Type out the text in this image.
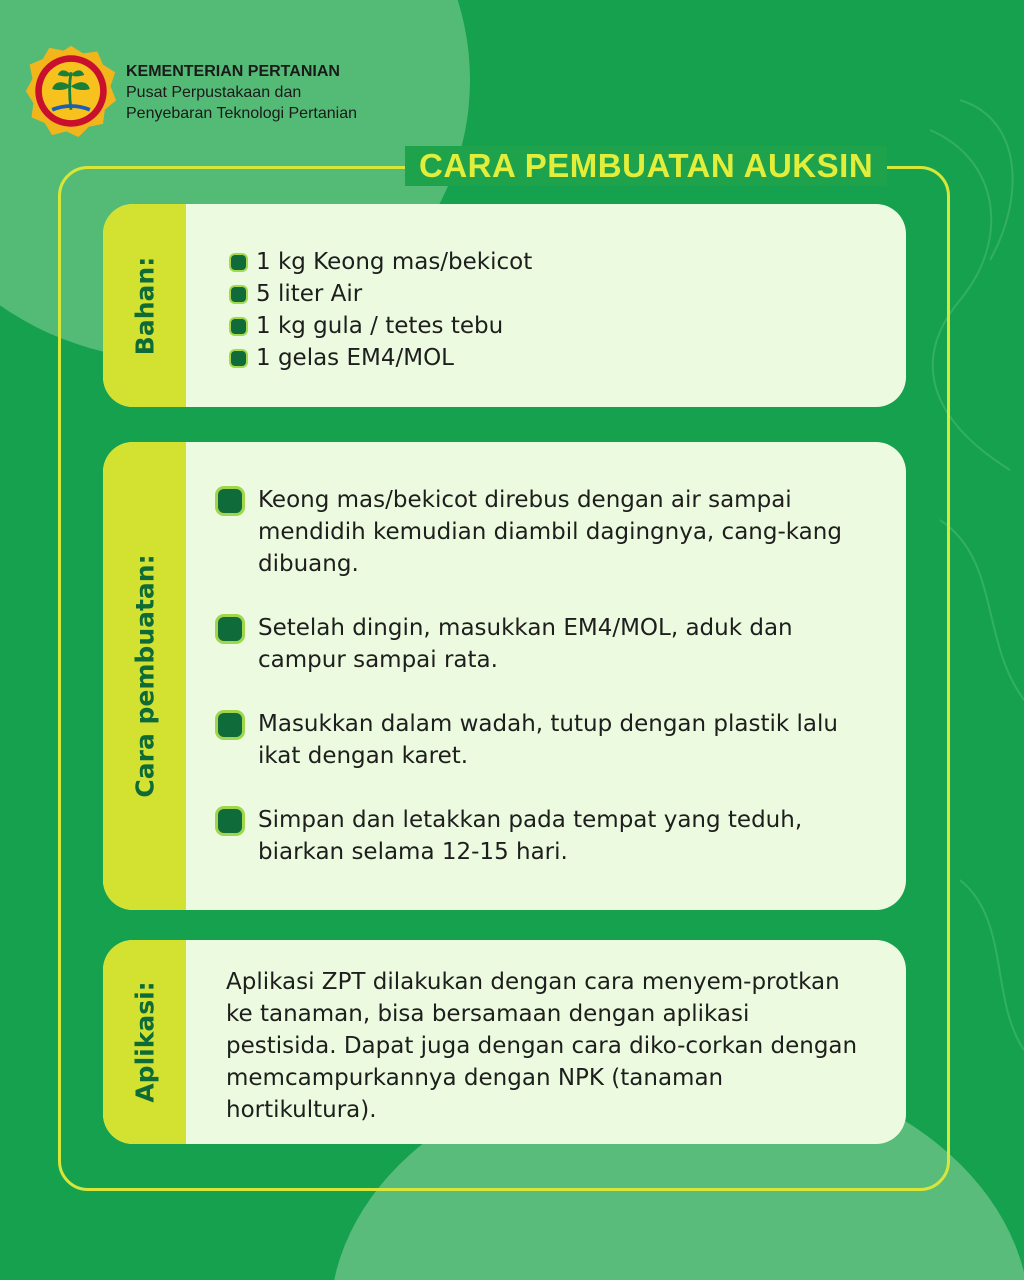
KEMENTERIAN PERTANIAN
Pusat Perpustakaan dan
Penyebaran Teknologi Pertanian
CARA PEMBUATAN AUKSIN
Bahan:	1 kg Keong mas/bekicot
5 liter Air
1 kg gula / tetes tebu
1 gelas EM4/MOL
Cara pembuatan:
Keong mas/bekicot direbus dengan air sampai mendidih kemudian diambil dagingnya, cang-kang dibuang.
Setelah dingin, masukkan EM4/MOL, aduk dan campur sampai rata.
Masukkan dalam wadah, tutup dengan plastik lalu ikat dengan karet.
Simpan dan letakkan pada tempat yang teduh, biarkan selama 12-15 hari.
Aplikasi:	Aplikasi ZPT dilakukan dengan cara menyem-protkan ke tanaman, bisa bersamaan dengan aplikasi pestisida. Dapat juga dengan cara diko-corkan dengan memcampurkannya dengan NPK (tanaman hortikultura).
